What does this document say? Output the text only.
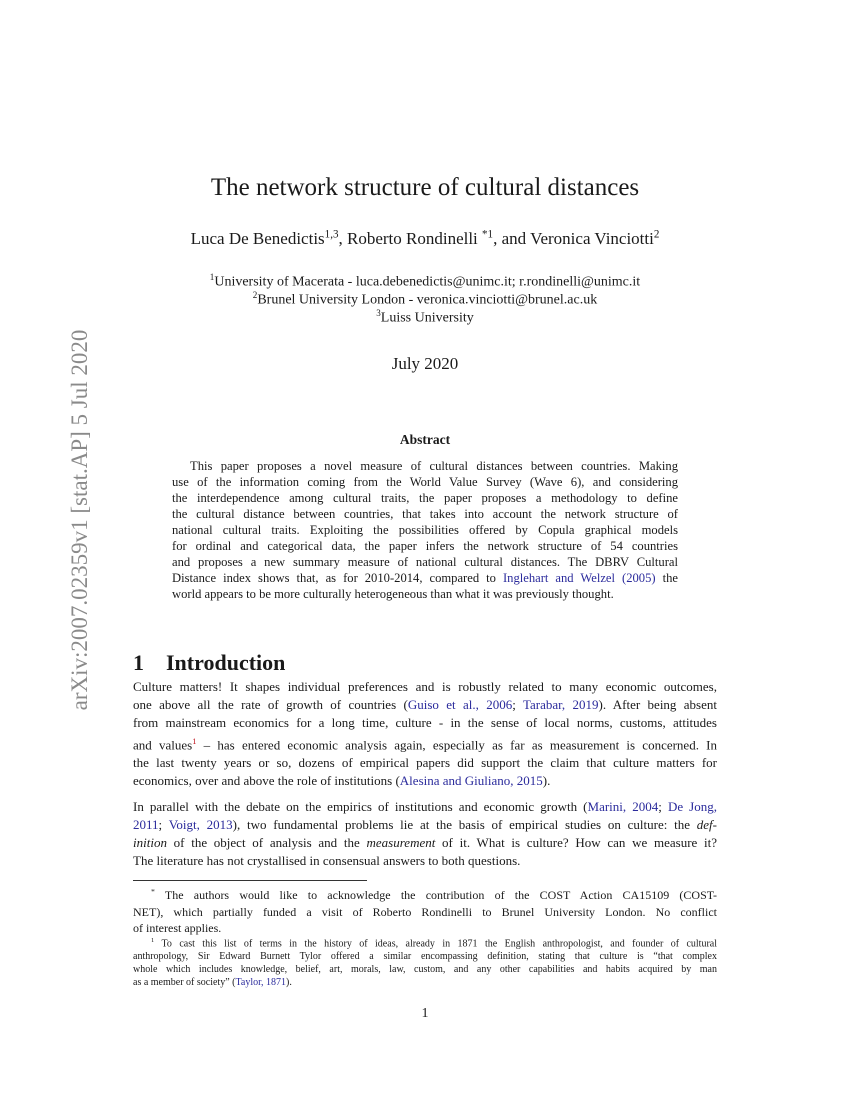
arXiv:2007.02359v1 [stat.AP] 5 Jul 2020
The network structure of cultural distances
Luca De Benedictis$^{1,3}$, Roberto Rondinelli $^{*1}$, and Veronica Vinciotti$^2$
$^1$University of Macerata - luca.debenedictis@unimc.it; r.rondinelli@unimc.it
$^2$Brunel University London - veronica.vinciotti@brunel.ac.uk
$^3$Luiss University
July 2020
Abstract
This paper proposes a novel measure of cultural distances between countries. Making
use of the information coming from the World Value Survey (Wave 6), and considering
the interdependence among cultural traits, the paper proposes a methodology to define
the cultural distance between countries, that takes into account the network structure of
national cultural traits. Exploiting the possibilities offered by Copula graphical models
for ordinal and categorical data, the paper infers the network structure of 54 countries
and proposes a new summary measure of national cultural distances. The DBRV Cultural
Distance index shows that, as for 2010-2014, compared to Inglehart and Welzel (2005) the
world appears to be more culturally heterogeneous than what it was previously thought.
1 Introduction
Culture matters! It shapes individual preferences and is robustly related to many economic outcomes,
one above all the rate of growth of countries (Guiso et al., 2006; Tarabar, 2019). After being absent
from mainstream economics for a long time, culture - in the sense of local norms, customs, attitudes
and values$^1$ – has entered economic analysis again, especially as far as measurement is concerned. In
the last twenty years or so, dozens of empirical papers did support the claim that culture matters for
economics, over and above the role of institutions (Alesina and Giuliano, 2015).
In parallel with the debate on the empirics of institutions and economic growth (Marini, 2004; De Jong,
2011; Voigt, 2013), two fundamental problems lie at the basis of empirical studies on culture: the def-
inition of the object of analysis and the measurement of it. What is culture? How can we measure it?
The literature has not crystallised in consensual answers to both questions.
* The authors would like to acknowledge the contribution of the COST Action CA15109 (COST-
NET), which partially funded a visit of Roberto Rondinelli to Brunel University London. No conflict
of interest applies.
$^1$ To cast this list of terms in the history of ideas, already in 1871 the English anthropologist, and founder of cultural
anthropology, Sir Edward Burnett Tylor offered a similar encompassing definition, stating that culture is “that complex
whole which includes knowledge, belief, art, morals, law, custom, and any other capabilities and habits acquired by man
as a member of society” (Taylor, 1871).
1
